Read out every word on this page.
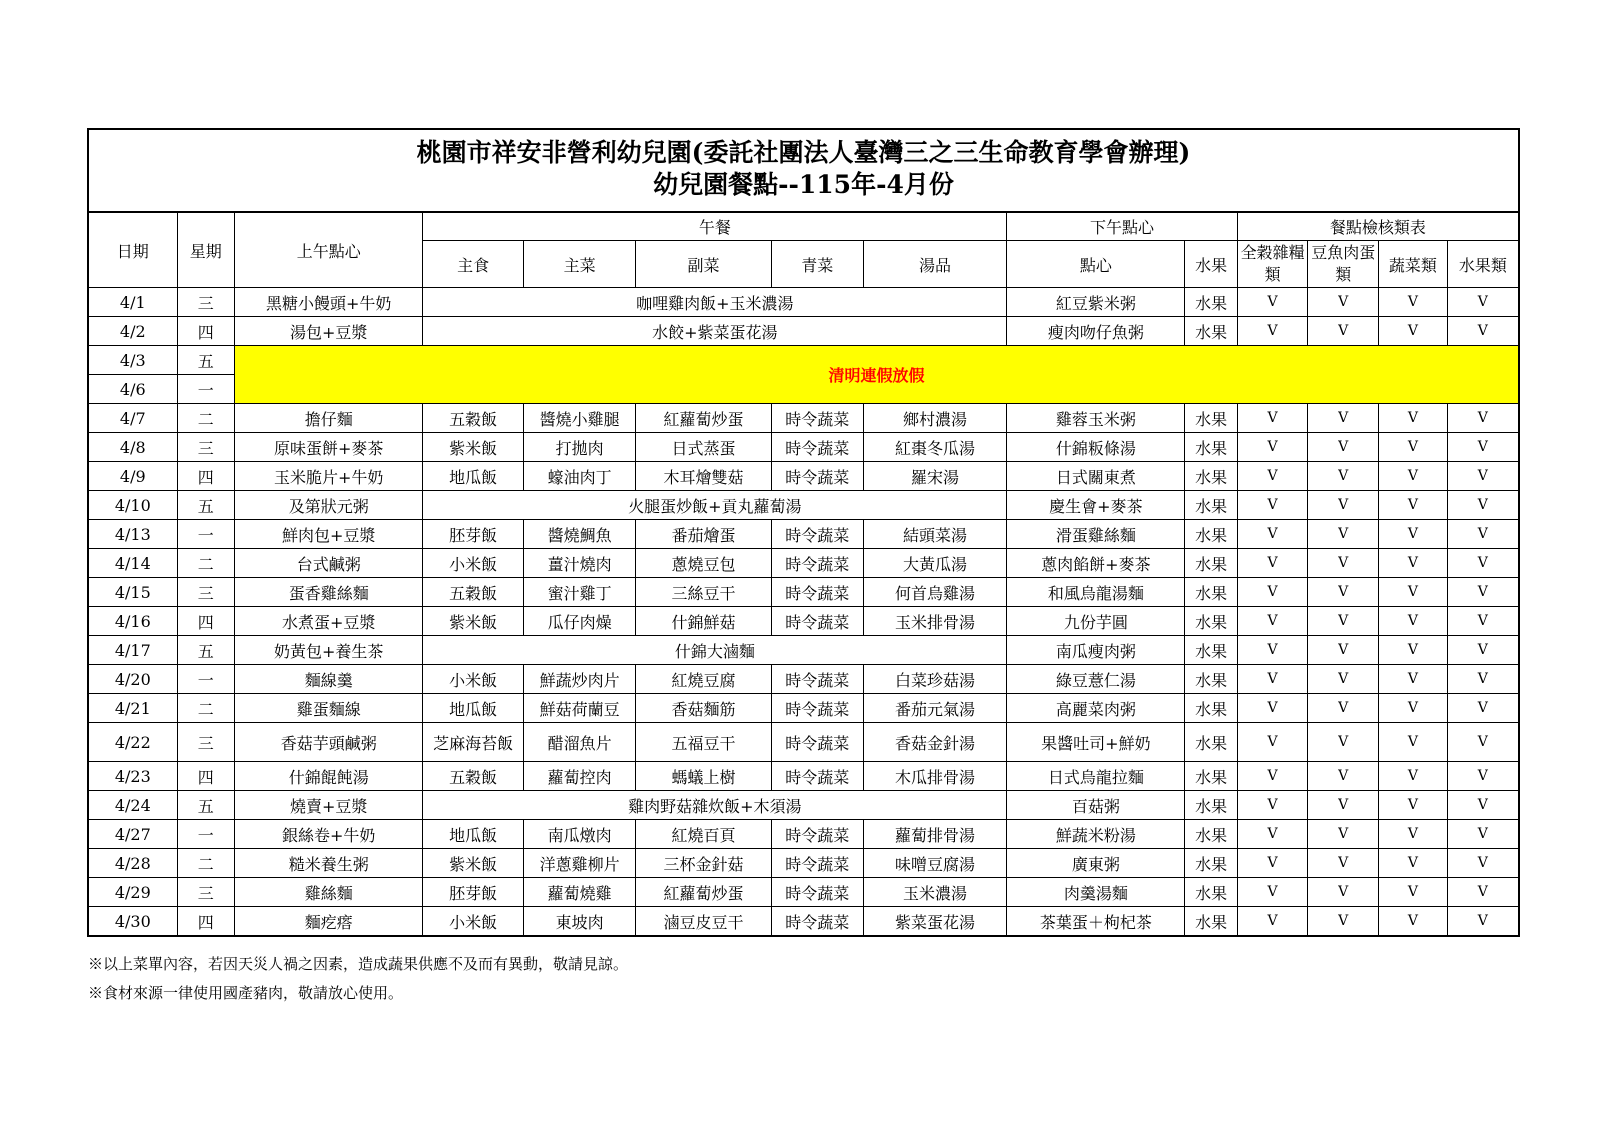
桃園市祥安非營利幼兒園(委託社團法人臺灣三之三生命教育學會辦理)
幼兒園餐點--115年-4月份
日期	星期	上午點心	午餐					下午點心		餐點檢核類表			
			主食	主菜	副菜	青菜	湯品	點心	水果	全穀雜糧類	豆魚肉蛋類	蔬菜類	水果類
4/1	三	黑糖小饅頭+牛奶	咖哩雞肉飯+玉米濃湯					紅豆紫米粥	水果	V	V	V	V
4/2	四	湯包+豆漿	水餃+紫菜蛋花湯					瘦肉吻仔魚粥	水果	V	V	V	V
4/3	五	清明連假放假											
4/6	一												
4/7	二	擔仔麵	五穀飯	醬燒小雞腿	紅蘿蔔炒蛋	時令蔬菜	鄉村濃湯	雞蓉玉米粥	水果	V	V	V	V
4/8	三	原味蛋餅+麥茶	紫米飯	打拋肉	日式蒸蛋	時令蔬菜	紅棗冬瓜湯	什錦粄條湯	水果	V	V	V	V
4/9	四	玉米脆片+牛奶	地瓜飯	蠔油肉丁	木耳燴雙菇	時令蔬菜	羅宋湯	日式關東煮	水果	V	V	V	V
4/10	五	及第狀元粥	火腿蛋炒飯+貢丸蘿蔔湯					慶生會+麥茶	水果	V	V	V	V
4/13	一	鮮肉包+豆漿	胚芽飯	醬燒鯛魚	番茄燴蛋	時令蔬菜	結頭菜湯	滑蛋雞絲麵	水果	V	V	V	V
4/14	二	台式鹹粥	小米飯	薑汁燒肉	蔥燒豆包	時令蔬菜	大黃瓜湯	蔥肉餡餅+麥茶	水果	V	V	V	V
4/15	三	蛋香雞絲麵	五穀飯	蜜汁雞丁	三絲豆干	時令蔬菜	何首烏雞湯	和風烏龍湯麵	水果	V	V	V	V
4/16	四	水煮蛋+豆漿	紫米飯	瓜仔肉燥	什錦鮮菇	時令蔬菜	玉米排骨湯	九份芋圓	水果	V	V	V	V
4/17	五	奶黃包+養生茶	什錦大滷麵					南瓜瘦肉粥	水果	V	V	V	V
4/20	一	麵線羹	小米飯	鮮蔬炒肉片	紅燒豆腐	時令蔬菜	白菜珍菇湯	綠豆薏仁湯	水果	V	V	V	V
4/21	二	雞蛋麵線	地瓜飯	鮮菇荷蘭豆	香菇麵筋	時令蔬菜	番茄元氣湯	高麗菜肉粥	水果	V	V	V	V
4/22	三	香菇芋頭鹹粥	芝麻海苔飯	醋溜魚片	五福豆干	時令蔬菜	香菇金針湯	果醬吐司+鮮奶	水果	V	V	V	V
4/23	四	什錦餛飩湯	五穀飯	蘿蔔控肉	螞蟻上樹	時令蔬菜	木瓜排骨湯	日式烏龍拉麵	水果	V	V	V	V
4/24	五	燒賣+豆漿	雞肉野菇雜炊飯+木須湯					百菇粥	水果	V	V	V	V
4/27	一	銀絲卷+牛奶	地瓜飯	南瓜燉肉	紅燒百頁	時令蔬菜	蘿蔔排骨湯	鮮蔬米粉湯	水果	V	V	V	V
4/28	二	糙米養生粥	紫米飯	洋蔥雞柳片	三杯金針菇	時令蔬菜	味噌豆腐湯	廣東粥	水果	V	V	V	V
4/29	三	雞絲麵	胚芽飯	蘿蔔燒雞	紅蘿蔔炒蛋	時令蔬菜	玉米濃湯	肉羹湯麵	水果	V	V	V	V
4/30	四	麵疙瘩	小米飯	東坡肉	滷豆皮豆干	時令蔬菜	紫菜蛋花湯	茶葉蛋＋枸杞茶	水果	V	V	V	V
※以上菜單內容，若因天災人禍之因素，造成蔬果供應不及而有異動，敬請見諒。
※食材來源一律使用國產豬肉，敬請放心使用。
